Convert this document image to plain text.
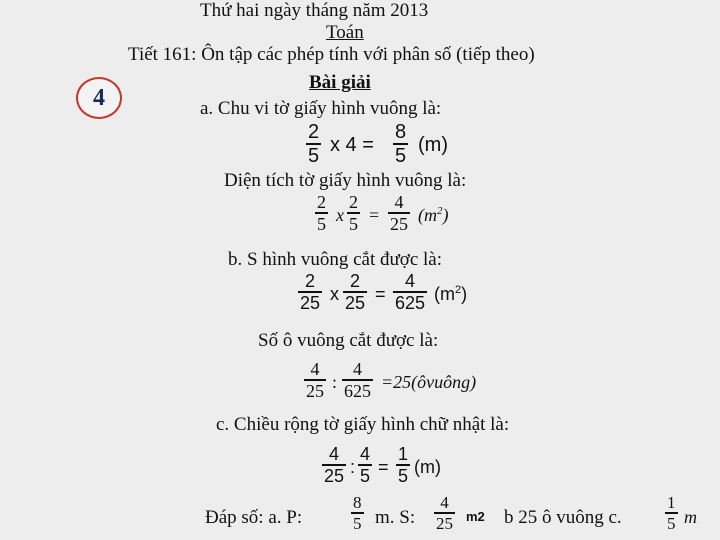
Thứ hai ngày tháng năm 2013
Toán
Tiết 161: Ôn tập các phép tính với phân số (tiếp theo)
Bài giải
4	a. Chu vi tờ giấy hình vuông là:
2
5 x 4 =
8
5 (m)
Diện tích tờ giấy hình vuông là:
2
5 x
2
5 =
4
25 $(m^2)$
b. S hình vuông cắt được là:
2
25 x
2
25 =
4
625 $(m^2)$
Số ô vuông cắt được là:
4
25 :
4
625 =25(ôvuông)
c. Chiều rộng tờ giấy hình chữ nhật là:
4
25 :
4
5 =
1
5 (m)
Đáp số: a. P:
8
5 m. S:
4
25 m2 b 25 ô vuông c.
1
5 m
